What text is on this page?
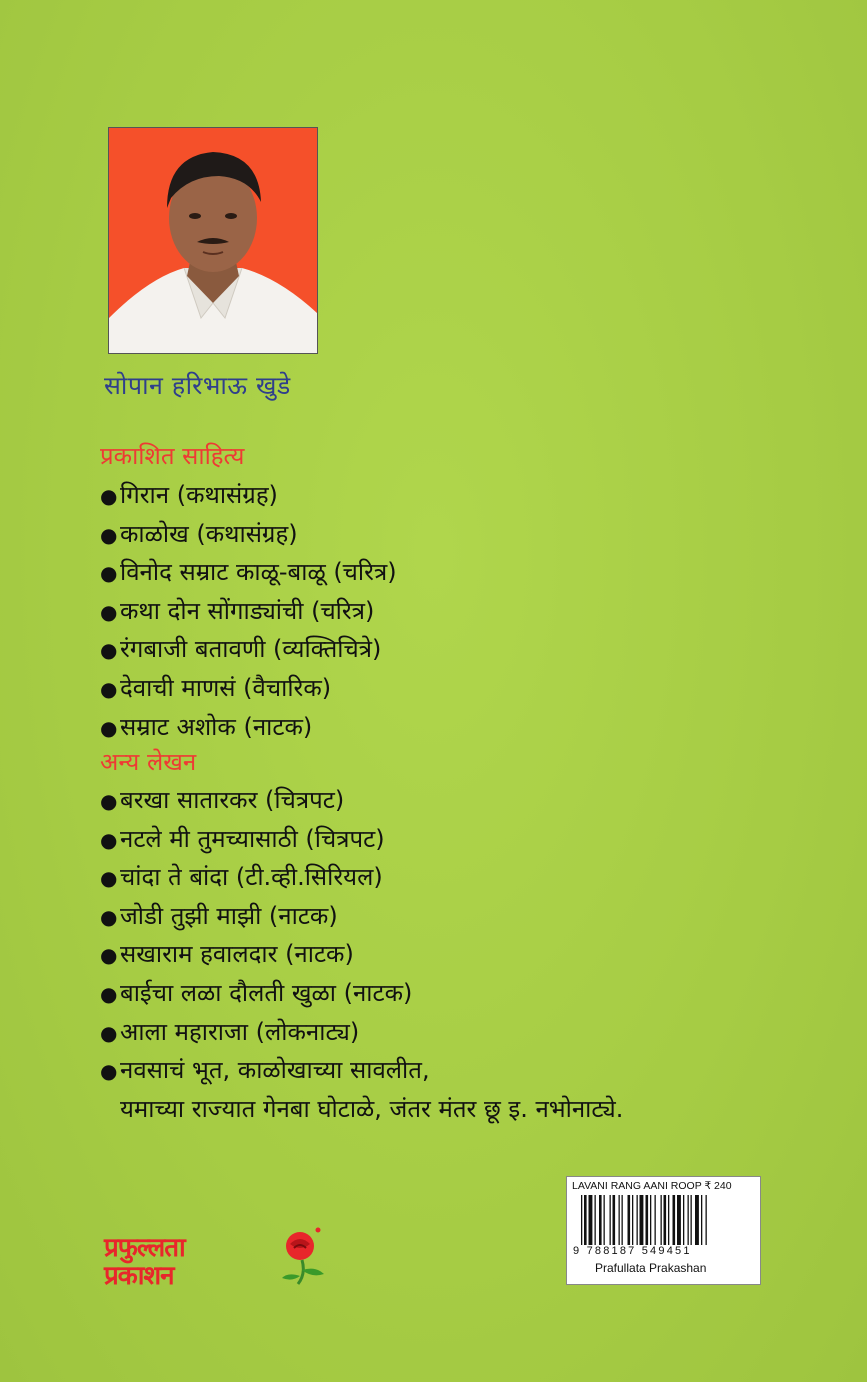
सोपान हरिभाऊ खुडे
प्रकाशित साहित्य
● गिरान (कथासंग्रह)
● काळोख (कथासंग्रह)
● विनोद सम्राट काळू-बाळू (चरित्र)
● कथा दोन सोंगाड्यांची (चरित्र)
● रंगबाजी बतावणी (व्यक्तिचित्रे)
● देवाची माणसं (वैचारिक)
● सम्राट अशोक (नाटक)
अन्य लेखन
● बरखा सातारकर (चित्रपट)
● नटले मी तुमच्यासाठी (चित्रपट)
● चांदा ते बांदा (टी.व्ही.सिरियल)
● जोडी तुझी माझी (नाटक)
● सखाराम हवालदार (नाटक)
● बाईचा लळा दौलती खुळा (नाटक)
● आला महाराजा (लोकनाट्य)
● नवसाचं भूत, काळोखाच्या सावलीत,
यमाच्या राज्यात गेनबा घोटाळे, जंतर मंतर छू इ. नभोनाट्ये.
प्रफुल्लता
प्रकाशन
LAVANI RANG AANI ROOP ₹ 240
9 788187 549451
Prafullata Prakashan
